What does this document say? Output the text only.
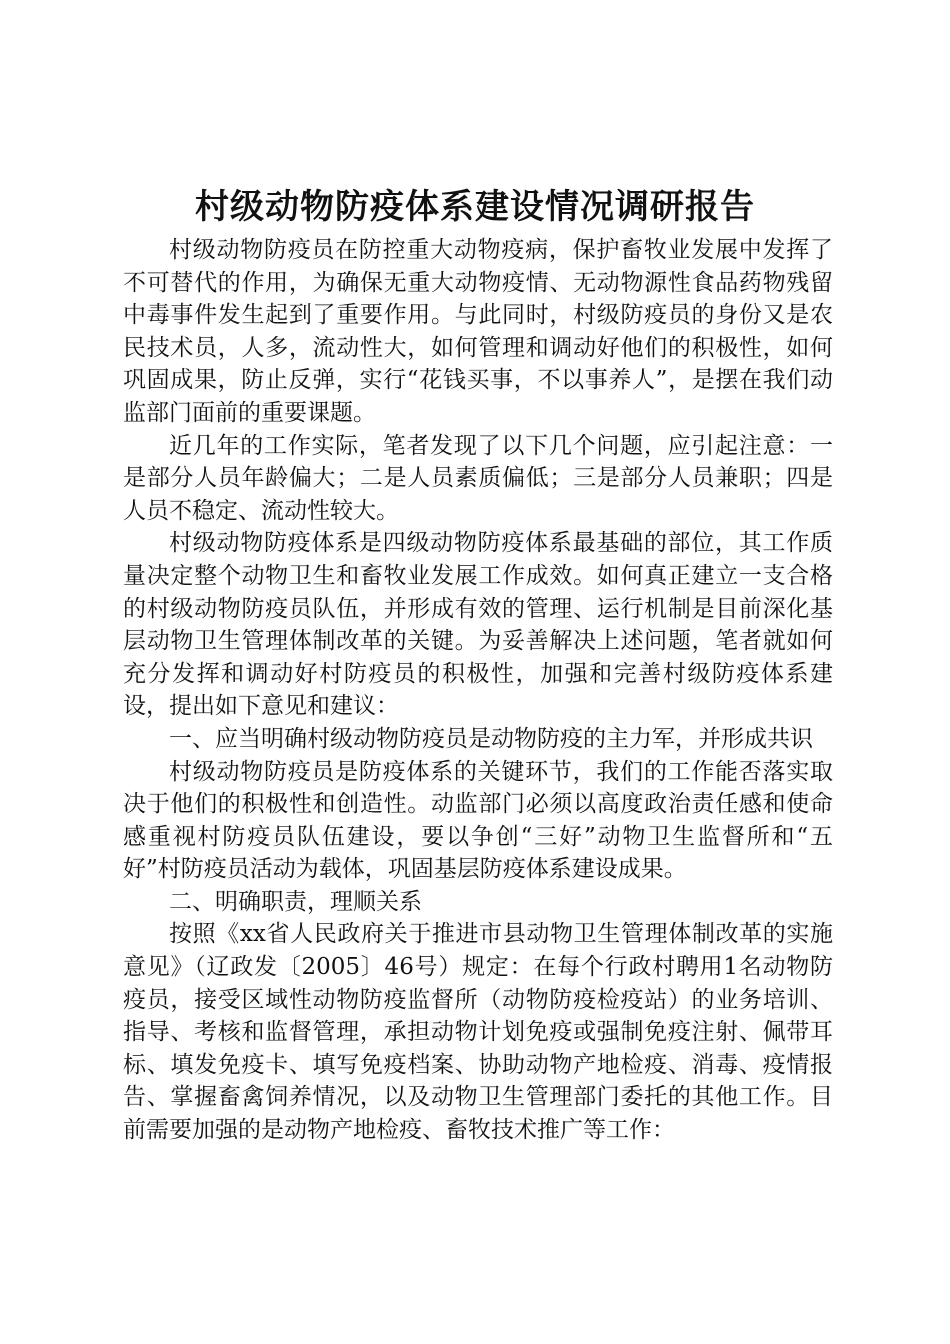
村级动物防疫体系建设情况调研报告

村级动物防疫员在防控重大动物疫病，保护畜牧业发展中发挥了不可替代的作用，为确保无重大动物疫情、无动物源性食品药物残留中毒事件发生起到了重要作用。与此同时，村级防疫员的身份又是农民技术员，人多，流动性大，如何管理和调动好他们的积极性，如何巩固成果，防止反弹，实行“花钱买事，不以事养人”，是摆在我们动监部门面前的重要课题。

近几年的工作实际，笔者发现了以下几个问题，应引起注意：一是部分人员年龄偏大；二是人员素质偏低；三是部分人员兼职；四是人员不稳定、流动性较大。

村级动物防疫体系是四级动物防疫体系最基础的部位，其工作质量决定整个动物卫生和畜牧业发展工作成效。如何真正建立一支合格的村级动物防疫员队伍，并形成有效的管理、运行机制是目前深化基层动物卫生管理体制改革的关键。为妥善解决上述问题，笔者就如何充分发挥和调动好村防疫员的积极性，加强和完善村级防疫体系建设，提出如下意见和建议：

一、应当明确村级动物防疫员是动物防疫的主力军，并形成共识

村级动物防疫员是防疫体系的关键环节，我们的工作能否落实取决于他们的积极性和创造性。动监部门必须以高度政治责任感和使命感重视村防疫员队伍建设，要以争创“三好”动物卫生监督所和“五好”村防疫员活动为载体，巩固基层防疫体系建设成果。

二、明确职责，理顺关系

按照《xx省人民政府关于推进市县动物卫生管理体制改革的实施意见》（辽政发〔2005〕46号）规定：在每个行政村聘用1名动物防疫员，接受区域性动物防疫监督所（动物防疫检疫站）的业务培训、指导、考核和监督管理，承担动物计划免疫或强制免疫注射、佩带耳标、填发免疫卡、填写免疫档案、协助动物产地检疫、消毒、疫情报告、掌握畜禽饲养情况，以及动物卫生管理部门委托的其他工作。目前需要加强的是动物产地检疫、畜牧技术推广等工作：
